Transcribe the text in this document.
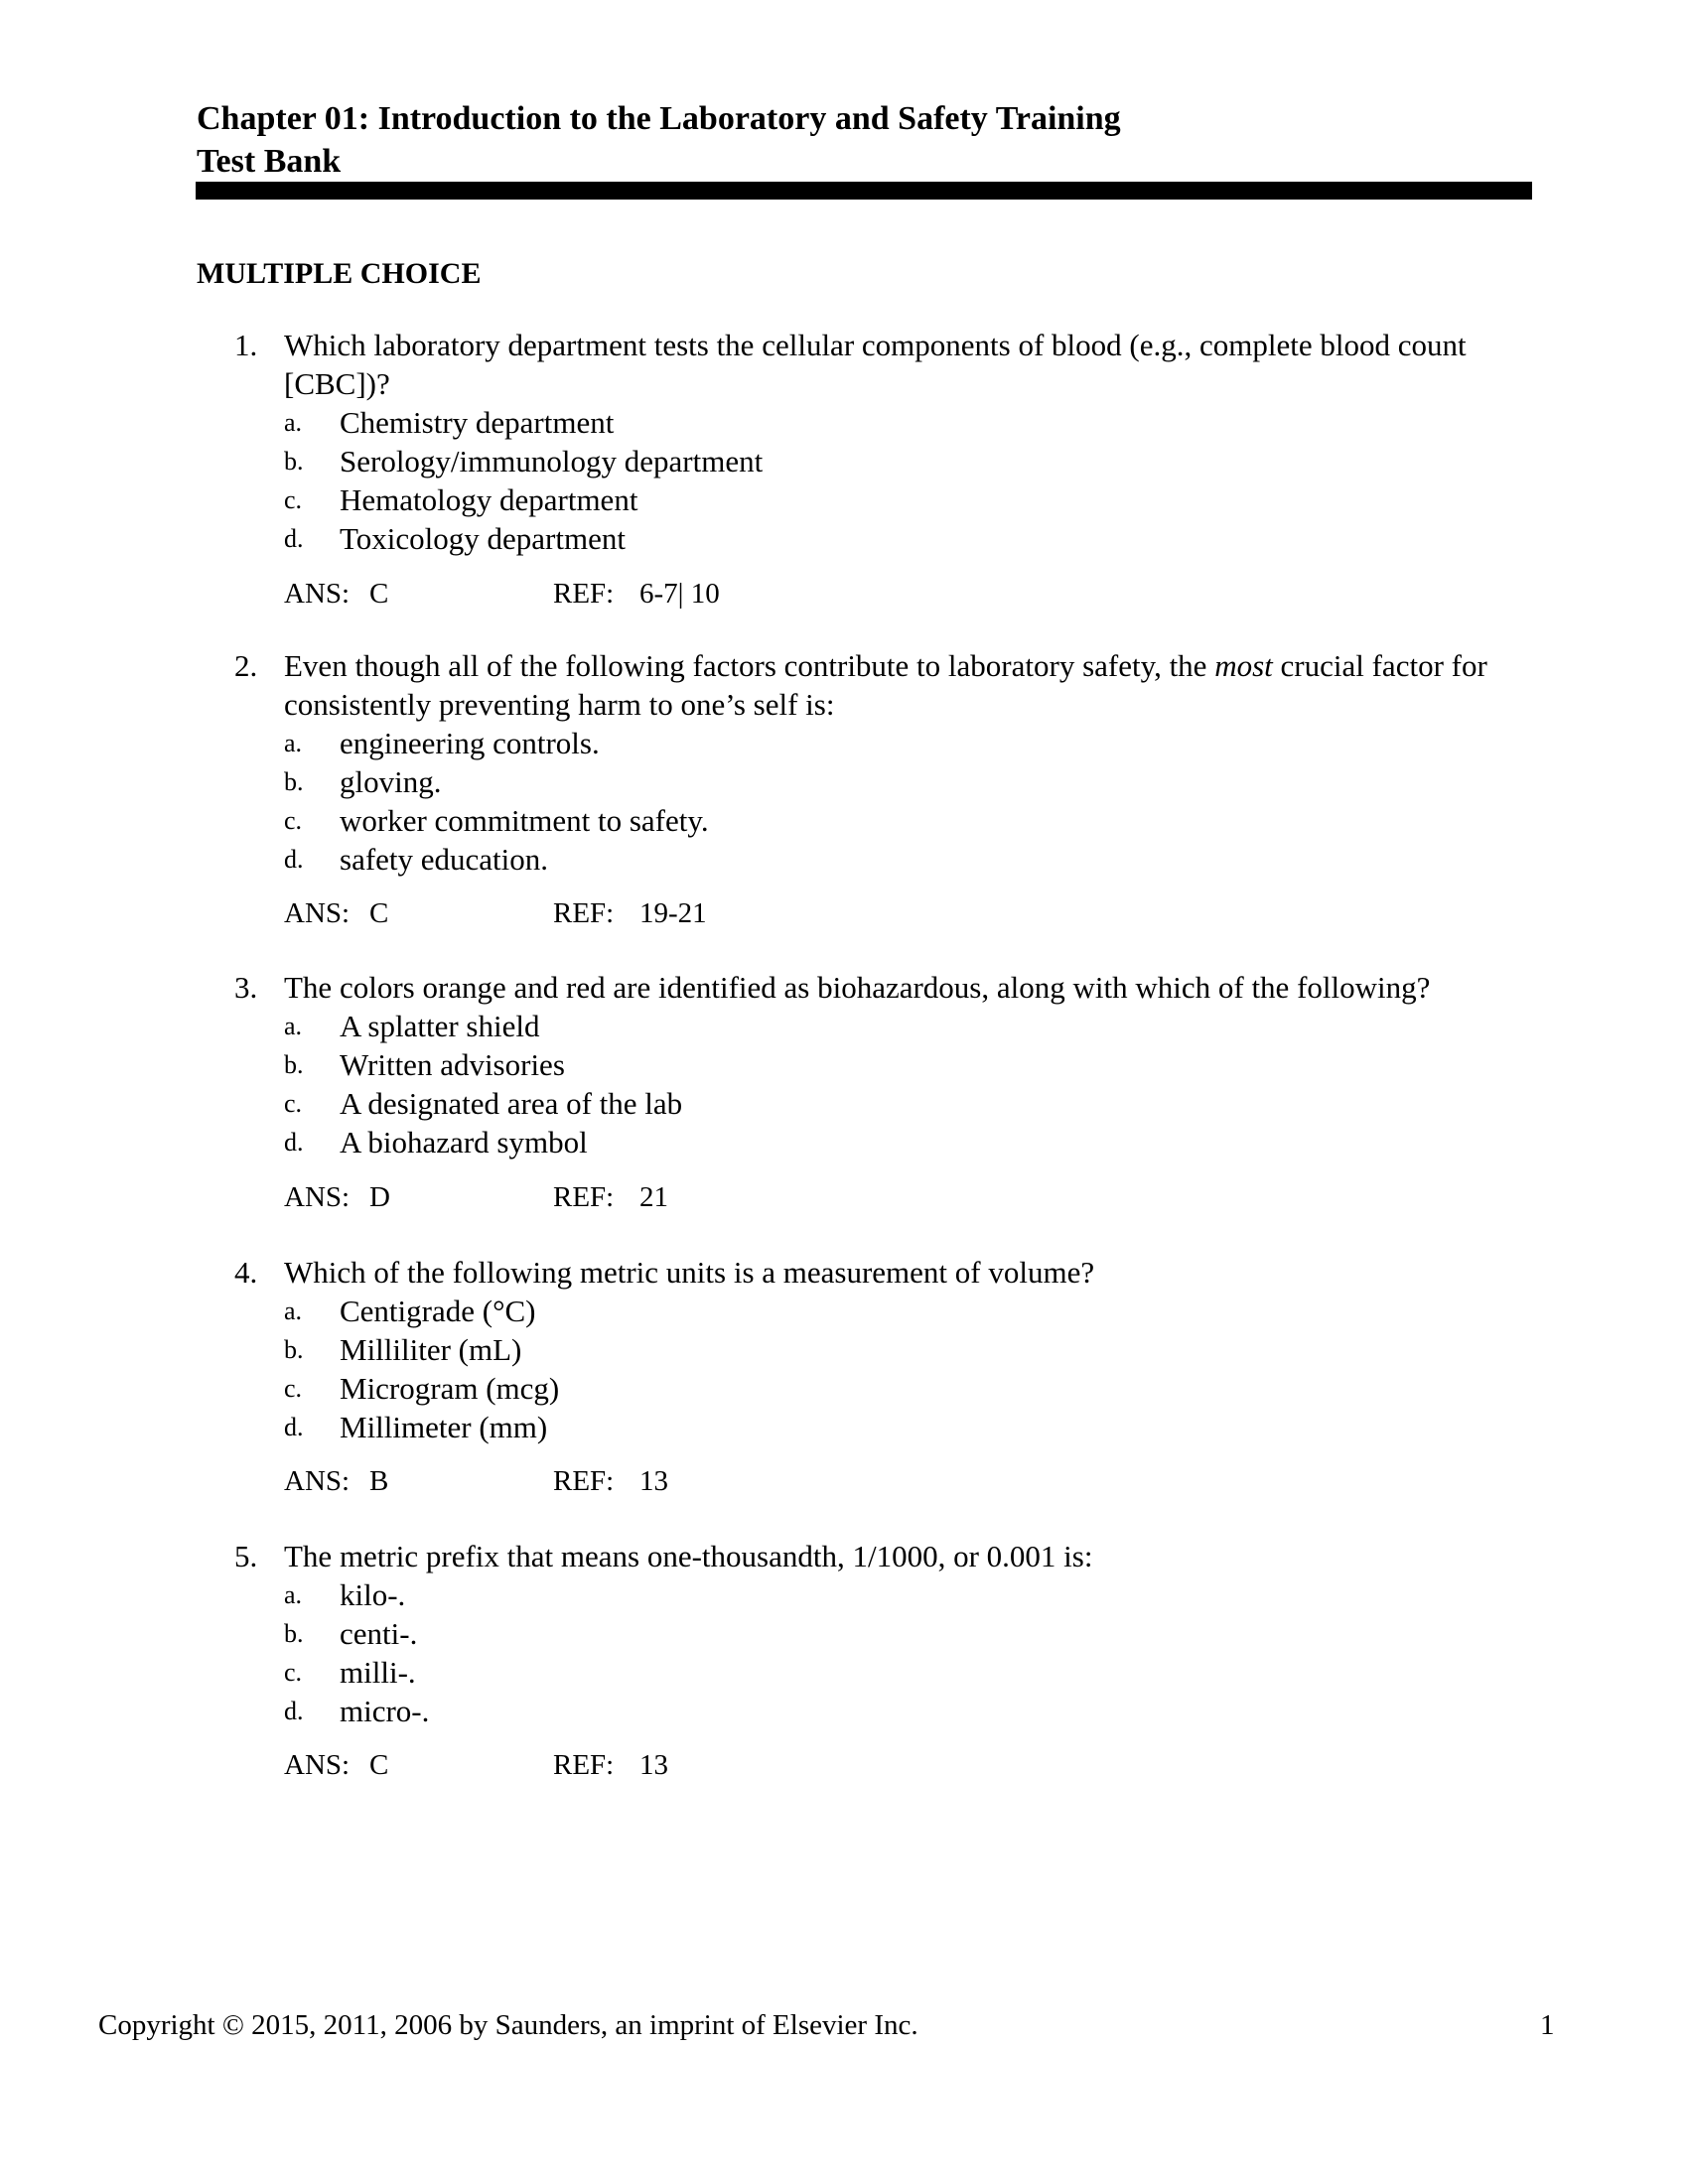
Chapter 01: Introduction to the Laboratory and Safety Training
Test Bank
MULTIPLE CHOICE
1. Which laboratory department tests the cellular components of blood (e.g., complete blood count [CBC])?
a. Chemistry department
b. Serology/immunology department
c. Hematology department
d. Toxicology department
ANS: C	REF: 6-7| 10
2. Even though all of the following factors contribute to laboratory safety, the most crucial factor for consistently preventing harm to one’s self is:
a. engineering controls.
b. gloving.
c. worker commitment to safety.
d. safety education.
ANS: C	REF: 19-21
3. The colors orange and red are identified as biohazardous, along with which of the following?
a. A splatter shield
b. Written advisories
c. A designated area of the lab
d. A biohazard symbol
ANS: D	REF: 21
4. Which of the following metric units is a measurement of volume?
a. Centigrade (°C)
b. Milliliter (mL)
c. Microgram (mcg)
d. Millimeter (mm)
ANS: B	REF: 13
5. The metric prefix that means one-thousandth, 1/1000, or 0.001 is:
a. kilo-.
b. centi-.
c. milli-.
d. micro-.
ANS: C	REF: 13
Copyright © 2015, 2011, 2006 by Saunders, an imprint of Elsevier Inc.	1
